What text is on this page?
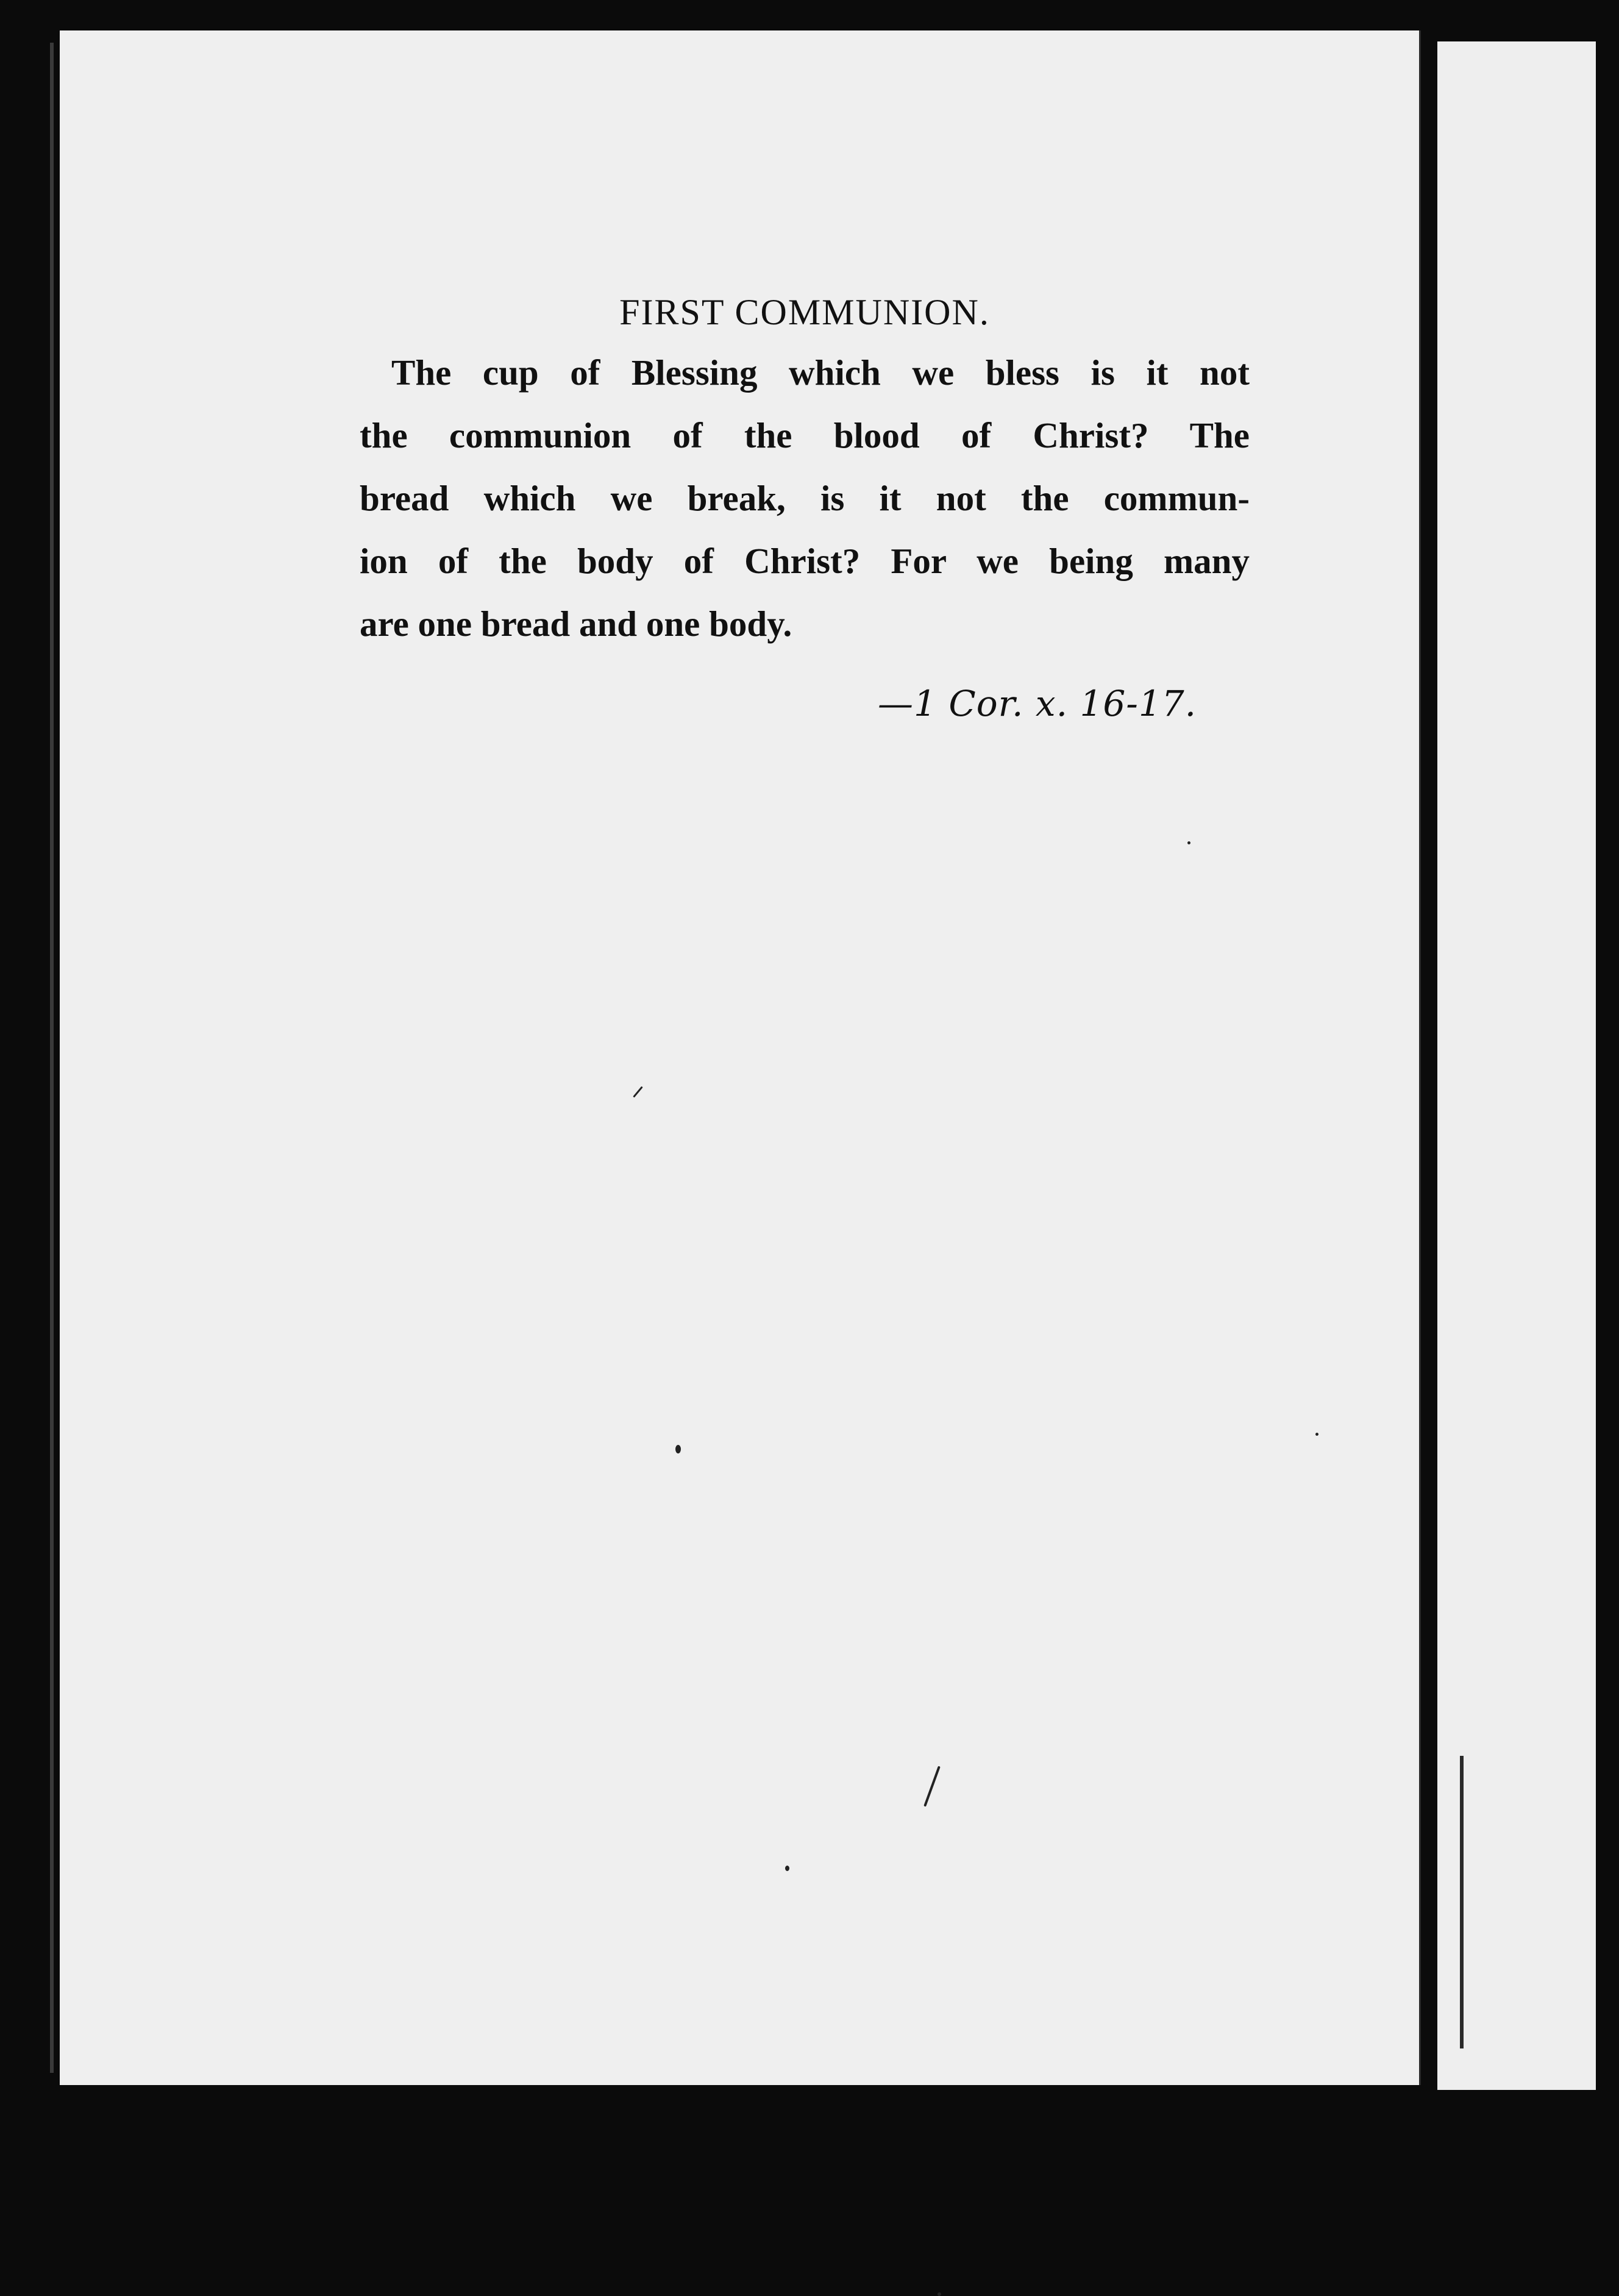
FIRST COMMUNION.
The cup of Blessing which we bless is it not
the communion of the blood of Christ? The
bread which we break, is it not the commun-
ion of the body of Christ? For we being many
are one bread and one body.
—1 Cor. x. 16-17.
